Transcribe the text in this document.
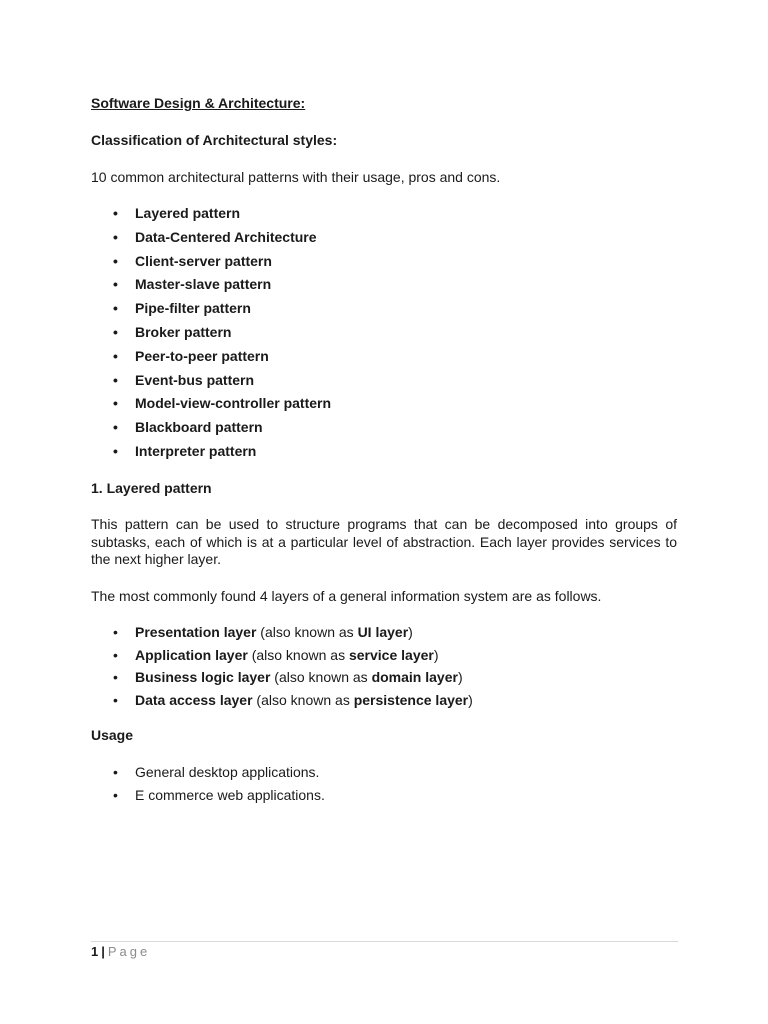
Software Design & Architecture:

Classification of Architectural styles:

10 common architectural patterns with their usage, pros and cons.

• Layered pattern
• Data-Centered Architecture
• Client-server pattern
• Master-slave pattern
• Pipe-filter pattern
• Broker pattern
• Peer-to-peer pattern
• Event-bus pattern
• Model-view-controller pattern
• Blackboard pattern
• Interpreter pattern

1. Layered pattern

This pattern can be used to structure programs that can be decomposed into groups of subtasks, each of which is at a particular level of abstraction. Each layer provides services to the next higher layer.

The most commonly found 4 layers of a general information system are as follows.

• Presentation layer (also known as UI layer)
• Application layer (also known as service layer)
• Business logic layer (also known as domain layer)
• Data access layer (also known as persistence layer)

Usage

• General desktop applications.
• E commerce web applications.
1 | Page
